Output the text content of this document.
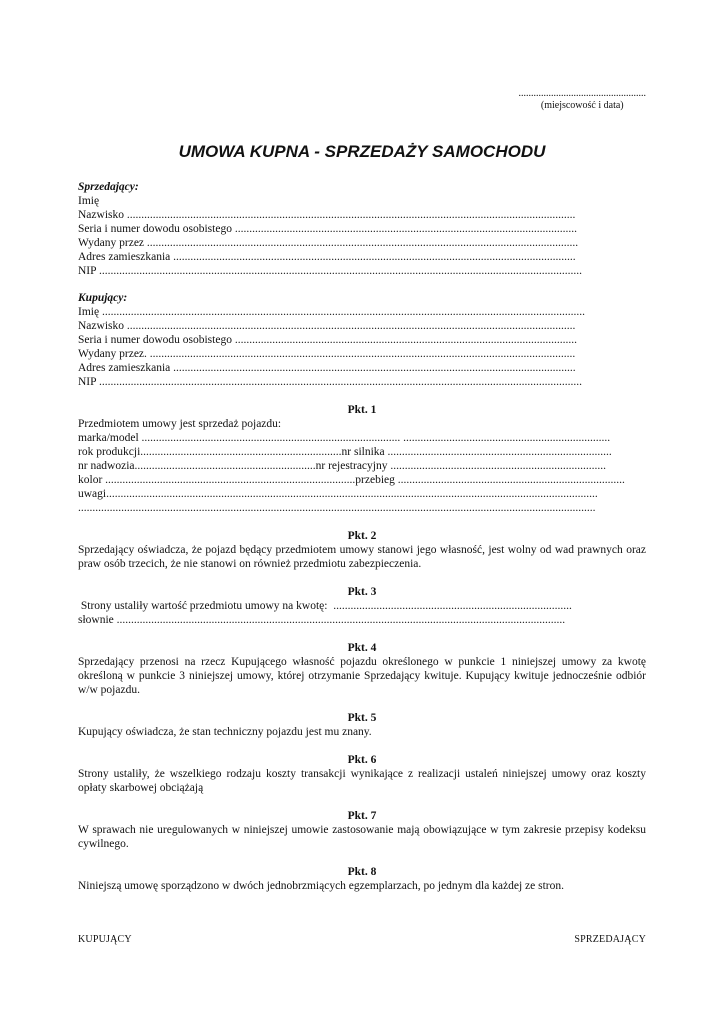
...................................................
(miejscowość i data)
UMOWA KUPNA - SPRZEDAŻY SAMOCHODU
Sprzedający:
Imię
Nazwisko ............................................................................................................................................................
Seria i numer dowodu osobistego .......................................................................................................................
Wydany przez ......................................................................................................................................................
Adres zamieszkania ............................................................................................................................................
NIP ........................................................................................................................................................................
Kupujący:
Imię ........................................................................................................................................................................
Nazwisko ............................................................................................................................................................
Seria i numer dowodu osobistego .......................................................................................................................
Wydany przez. ....................................................................................................................................................
Adres zamieszkania ............................................................................................................................................
NIP ........................................................................................................................................................................
Pkt. 1
Przedmiotem umowy jest sprzedaż pojazdu:
marka/model .......................................................................................... ........................................................................
rok produkcji......................................................................nr silnika ..............................................................................
nr nadwozia...............................................................nr rejestracyjny ...........................................................................
kolor .......................................................................................przebieg ...............................................................................
uwagi...........................................................................................................................................................................
....................................................................................................................................................................................
Pkt. 2
Sprzedający oświadcza, że pojazd będący przedmiotem umowy stanowi jego własność, jest wolny od wad prawnych oraz praw osób trzecich, że nie stanowi on również przedmiotu zabezpieczenia.
Pkt. 3
Strony ustaliły wartość przedmiotu umowy na kwotę:  ...................................................................................
słownie ............................................................................................................................................................
Pkt. 4
Sprzedający przenosi na rzecz Kupującego własność pojazdu określonego w punkcie 1 niniejszej umowy za kwotę określoną w punkcie 3 niniejszej umowy, której otrzymanie Sprzedający kwituje. Kupujący kwituje jednocześnie odbiór w/w pojazdu.
Pkt. 5
Kupujący oświadcza, że stan techniczny pojazdu jest mu znany.
Pkt. 6
Strony ustaliły, że wszelkiego rodzaju koszty transakcji wynikające z realizacji ustaleń niniejszej umowy oraz koszty opłaty skarbowej obciążają
Pkt. 7
W sprawach nie uregulowanych w niniejszej umowie zastosowanie mają obowiązujące w tym zakresie przepisy kodeksu cywilnego.
Pkt. 8
Niniejszą umowę sporządzono w dwóch jednobrzmiących egzemplarzach, po jednym dla każdej ze stron.
KUPUJĄCY	SPRZEDAJĄCY
